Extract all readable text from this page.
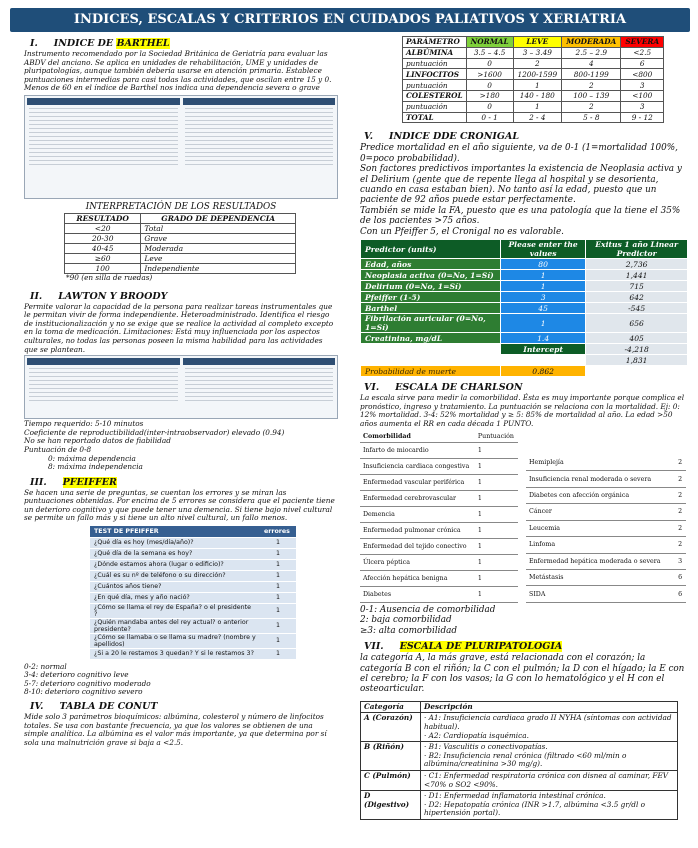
INDICES, ESCALAS Y CRITERIOS EN CUIDADOS PALIATIVOS Y XERIATRIA
I. INDICE DE BARTHEL
Instrumento recomendado por la Sociedad Británica de Geriatría para evaluar las ABDV del anciano. Se aplica en unidades de rehabilitación, UME y unidades de pluripatologías, aunque también debería usarse en atención primaria. Establece puntuaciones intermedias para casi todas las actividades, que oscilan entre 15 y 0. Menos de 60 en el índice de Barthel nos indica una dependencia severa o grave
INTERPRETACIÓN DE LOS RESULTADOS
RESULTADO	GRADO DE DEPENDENCIA
<20	Total
20-30	Grave
40-45	Moderada
≥60	Leve
100	Independiente
*90 (en silla de ruedas)
II. LAWTON Y BROODY
Permite valorar la capacidad de la persona para realizar tareas instrumentales que le permitan vivir de forma independiente. Heteroadministrado. Identifica el riesgo de institucionalización y no se exige que se realice la actividad al completo excepto en la toma de medicación. Limitaciones: Está muy influenciada por los aspectos culturales, no todas las personas poseen la misma habilidad para las actividades que se plantean.
Tiempo requerido: 5-10 minutos
Coeficiente de reproductibilidad(inter-intraobservador) elevado (0.94)
No se han reportado datos de fiabilidad
Puntuación de 0-8
0: máxima dependencia
8: máxima independencia
III. PFEIFFER
Se hacen una serie de preguntas, se cuentan los errores y se miran las puntuaciones obtenidas. Por encima de 5 errores se considera que el paciente tiene un deterioro cognitivo y que puede tener una demencia. Si tiene bajo nivel cultural se permite un fallo más y si tiene un alto nivel cultural, un fallo menos.
TEST DE PFEIFFER	errores
¿Qué día es hoy (mes/día/año)?	1
¿Qué día de la semana es hoy?	1
¿Dónde estamos ahora (lugar o edificio)?	1
¿Cuál es su nº de teléfono o su dirección?	1
¿Cuántos años tiene?	1
¿En qué día, mes y año nació?	1
¿Cómo se llama el rey de España? o el presidente ?	1
¿Quién mandaba antes del rey actual? o anterior presidente?	1
¿Cómo se llamaba o se llama su madre? (nombre y apellidos)	1
¿Si a 20 le restamos 3 quedan? Y si le restamos 3?	1
0-2: normal
3-4: deterioro cognitivo leve
5-7: deterioro cognitivo moderado
8-10: deterioro cognitivo severo
IV. TABLA DE CONUT
Mide solo 3 parámetros bioquímicos: albúmina, colesterol y número de linfocitos totales. Se usa con bastante frecuencia, ya que los valores se obtienen de una simple analítica. La albúmina es el valor más importante, ya que determina por sí sola una malnutrición grave si baja a <2.5.
PARÁMETRO	NORMAL	LEVE	MODERADA	SEVERA
ALBÚMINA	3.5 – 4.5	3 – 3.49	2.5 – 2.9	<2.5
puntuación	0	2	4	6
LINFOCITOS	>1600	1200-1599	800-1199	<800
puntuación	0	1	2	3
COLESTEROL	>180	140 - 180	100 – 139	<100
puntuación	0	1	2	3
TOTAL	0 - 1	2 - 4	5 - 8	9 - 12
V. INDICE DDE CRONIGAL
Predice mortalidad en el año siguiente, va de 0-1 (1=mortalidad 100%, 0=poco probabilidad).
Son factores predictivos importantes la existencia de Neoplasia activa y el Delirium (gente que de repente llega al hospital y se desorienta, cuando en casa estaban bien). No tanto así la edad, puesto que un paciente de 92 años puede estar perfectamente.
También se mide la FA, puesto que es una patología que la tiene el 35% de los pacientes >75 años.
Con un Pfeiffer 5, el Cronigal no es valorable.
Predictor (units)	Please enter the values	Exitus 1 año Linear Predictor
Edad, años	80	2,736
Neoplasia activa (0=No, 1=Sí)	1	1,441
Delirium (0=No, 1=Sí)	1	715
Pfeiffer (1-5)	3	642
Barthel	45	-545
Fibrilación auricular (0=No, 1=Sí)	1	656
Creatinina, mg/dL	1.4	405
	Intercept	-4,218
		1,831
Probabilidad de muerte	0.862	
VI. ESCALA DE CHARLSON
La escala sirve para medir la comorbilidad. Ésta es muy importante porque complica el pronóstico, ingreso y tratamiento. La puntuación se relaciona con la mortalidad. Ej: 0: 12% mortalidad. 3-4: 52% mortalidad y ≥ 5: 85% de mortalidad al año. La edad >50 años aumenta el RR en cada década 1 PUNTO.
Comorbilidad	Puntuación
Infarto de miocardio	1
Insuficiencia cardiaca congestiva	1
Enfermedad vascular periférica	1
Enfermedad cerebrovascular	1
Demencia	1
Enfermedad pulmonar crónica	1
Enfermedad del tejido conectivo	1
Úlcera péptica	1
Afección hepática benigna	1
Diabetes	1
Hemiplejía	2
Insuficiencia renal moderada o severa	2
Diabetes con afección orgánica	2
Cáncer	2
Leucemia	2
Linfoma	2
Enfermedad hepática moderada o severa	3
Metástasis	6
SIDA	6
0-1: Ausencia de comorbilidad
2: baja comorbilidad
≥3: alta comorbilidad
VII. ESCALA DE PLURIPATOLOGIA
la categoría A, la más grave, está relacionada con el corazón; la categoría B con el riñón; la C con el pulmón; la D con el hígado; la E con el cerebro; la F con los vasos; la G con lo hematológico y el H con el osteoarticular.
Categoría	Descripción
A (Corazón)	· A1: Insuficiencia cardiaca grado II NYHA (síntomas con actividad habitual).
· A2: Cardiopatía isquémica.

B (Riñón)	· B1: Vasculitis o conectivopatías.
· B2: Insuficiencia renal crónica (filtrado <60 ml/min o albúmina/creatinina >30 mg/g).

C (Pulmón)	· C1: Enfermedad respiratoria crónica con disnea al caminar, FEV <70% o SO2 <90%.

D (Digestivo)	· D1: Enfermedad inflamatoria intestinal crónica.
· D2: Hepatopatía crónica (INR >1.7, albúmina <3.5 gr/dl o hipertensión portal).
